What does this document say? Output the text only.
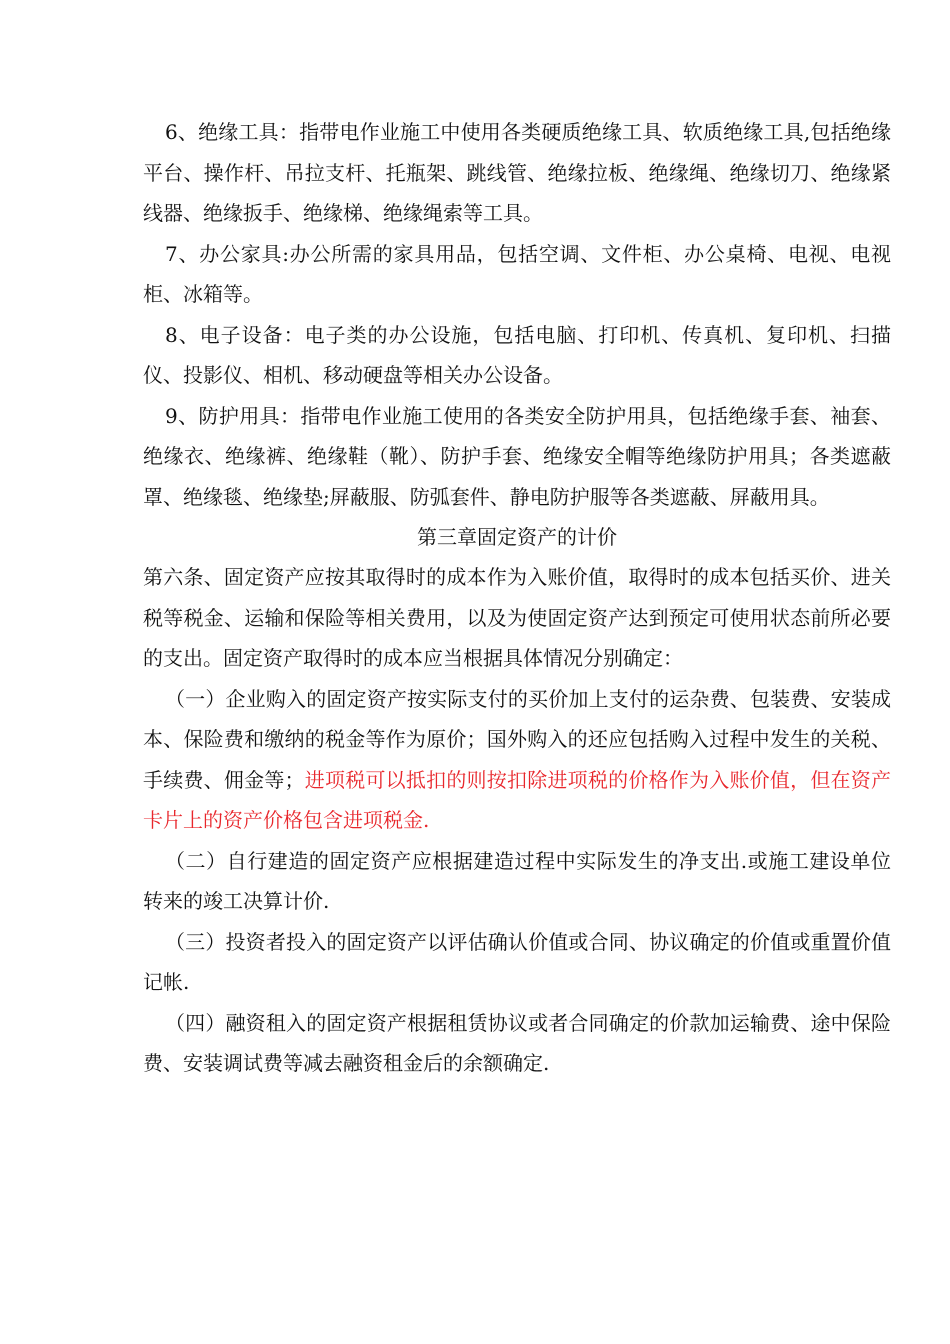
6、绝缘工具：指带电作业施工中使用各类硬质绝缘工具、软质绝缘工具,包括绝缘平台、操作杆、吊拉支杆、托瓶架、跳线管、绝缘拉板、绝缘绳、绝缘切刀、绝缘紧线器、绝缘扳手、绝缘梯、绝缘绳索等工具。

7、办公家具:办公所需的家具用品，包括空调、文件柜、办公桌椅、电视、电视柜、冰箱等。

8、电子设备：电子类的办公设施，包括电脑、打印机、传真机、复印机、扫描仪、投影仪、相机、移动硬盘等相关办公设备。

9、防护用具：指带电作业施工使用的各类安全防护用具，包括绝缘手套、袖套、绝缘衣、绝缘裤、绝缘鞋（靴）、防护手套、绝缘安全帽等绝缘防护用具；各类遮蔽罩、绝缘毯、绝缘垫;屏蔽服、防弧套件、静电防护服等各类遮蔽、屏蔽用具。

第三章固定资产的计价

第六条、固定资产应按其取得时的成本作为入账价值，取得时的成本包括买价、进关税等税金、运输和保险等相关费用，以及为使固定资产达到预定可使用状态前所必要的支出。固定资产取得时的成本应当根据具体情况分别确定：

（一）企业购入的固定资产按实际支付的买价加上支付的运杂费、包装费、安装成本、保险费和缴纳的税金等作为原价；国外购入的还应包括购入过程中发生的关税、手续费、佣金等；进项税可以抵扣的则按扣除进项税的价格作为入账价值，但在资产卡片上的资产价格包含进项税金.

（二）自行建造的固定资产应根据建造过程中实际发生的净支出.或施工建设单位转来的竣工决算计价.

（三）投资者投入的固定资产以评估确认价值或合同、协议确定的价值或重置价值记帐.

（四）融资租入的固定资产根据租赁协议或者合同确定的价款加运输费、途中保险费、安装调试费等减去融资租金后的余额确定.
